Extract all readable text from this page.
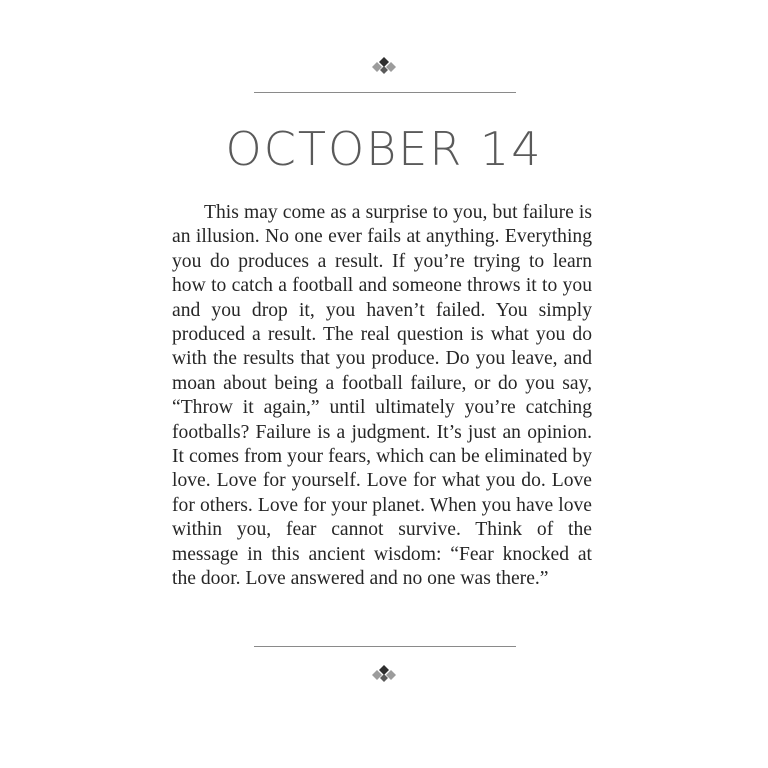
OCTOBER 14

This may come as a surprise to you, but failure is an illusion. No one ever fails at anything. Everything you do produces a result. If you’re trying to learn how to catch a football and someone throws it to you and you drop it, you haven’t failed. You simply produced a result. The real question is what you do with the results that you produce. Do you leave, and moan about being a football failure, or do you say, “Throw it again,” until ultimately you’re catching footballs? Failure is a judgment. It’s just an opinion. It comes from your fears, which can be eliminated by love. Love for yourself. Love for what you do. Love for others. Love for your planet. When you have love within you, fear cannot survive. Think of the message in this ancient wisdom: “Fear knocked at the door. Love answered and no one was there.”
